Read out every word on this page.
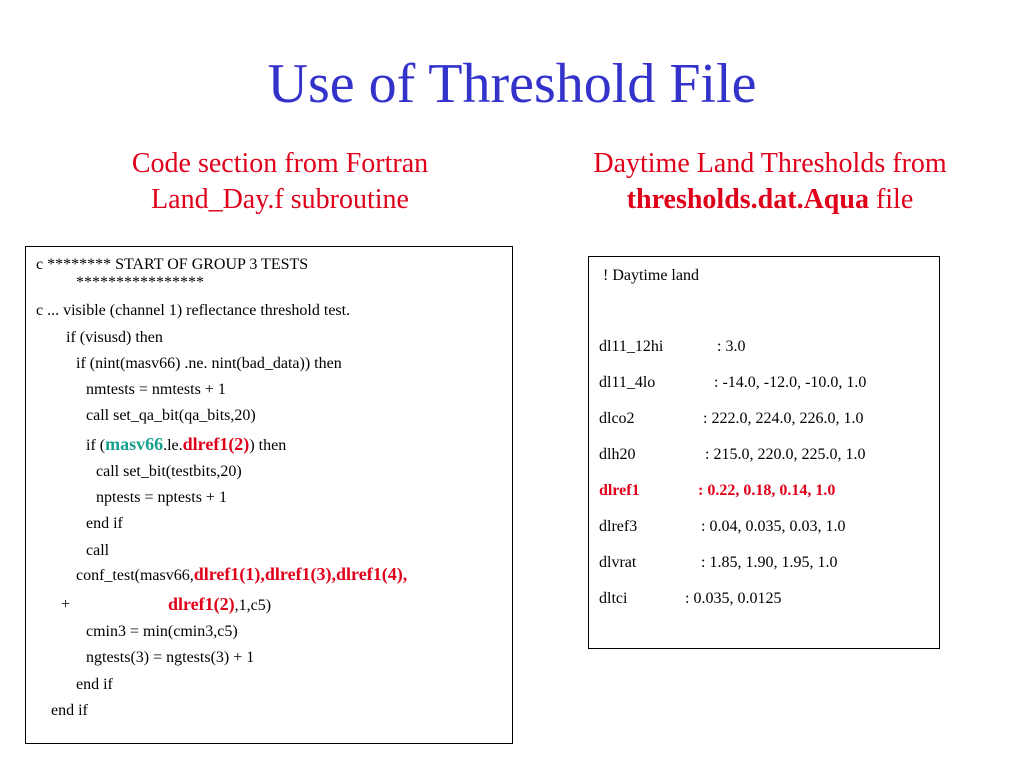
Use of Threshold File
Code section from Fortran
Land_Day.f subroutine
Daytime Land Thresholds from
thresholds.dat.Aqua file
c ******** START OF GROUP 3 TESTS
****************
c ... visible (channel 1) reflectance threshold test.
if (visusd) then
if (nint(masv66) .ne. nint(bad_data)) then
nmtests = nmtests + 1
call set_qa_bit(qa_bits,20)
if (masv66.le.dlref1(2)) then
call set_bit(testbits,20)
nptests = nptests + 1
end if
call
conf_test(masv66,dlref1(1),dlref1(3),dlref1(4),
+	dlref1(2),1,c5)
cmin3 = min(cmin3,c5)
ngtests(3) = ngtests(3) + 1
end if
end if
! Daytime land
dl11_12hi	: 3.0
dl11_4lo	: -14.0, -12.0, -10.0, 1.0
dlco2	: 222.0, 224.0, 226.0, 1.0
dlh20	: 215.0, 220.0, 225.0, 1.0
dlref1	: 0.22, 0.18, 0.14, 1.0
dlref3	: 0.04, 0.035, 0.03, 1.0
dlvrat	: 1.85, 1.90, 1.95, 1.0
dltci	: 0.035, 0.0125
